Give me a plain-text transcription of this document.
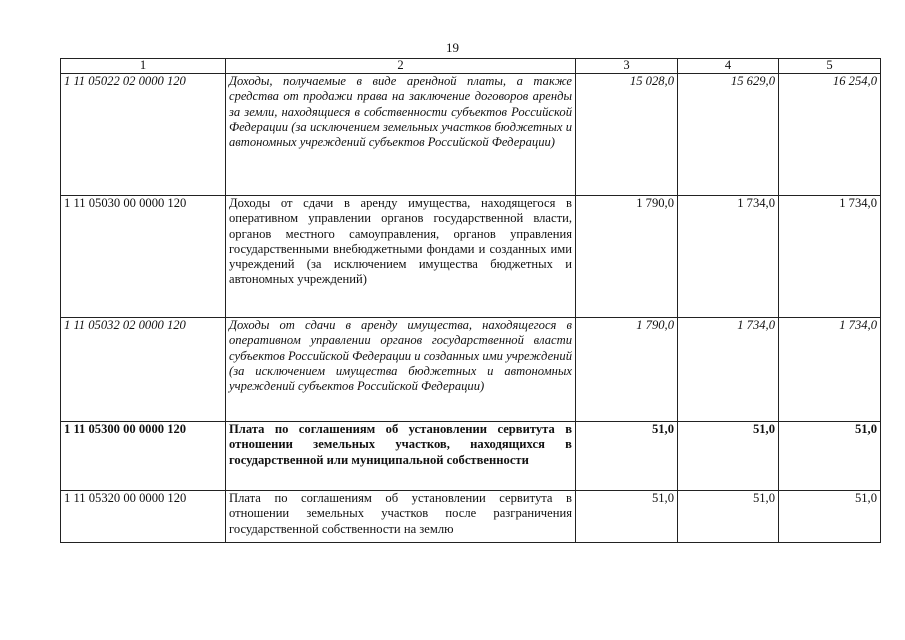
19
1	2	3	4	5
1 11 05022 02 0000 120	Доходы, получаемые в виде арендной платы, а также средства от продажи права на заключение договоров аренды за земли, находящиеся в собственности субъектов Российской Федерации (за исключением земельных участков бюджетных и автономных учреждений субъектов Российской Федерации)	15 028,0	15 629,0	16 254,0
1 11 05030 00 0000 120	Доходы от сдачи в аренду имущества, находящегося в оперативном управлении органов государственной власти, органов местного самоуправления, органов управления государственными внебюджетными фондами и созданных ими учреждений (за исключением имущества бюджетных и автономных учреждений)	1 790,0	1 734,0	1 734,0
1 11 05032 02 0000 120	Доходы от сдачи в аренду имущества, находящегося в оперативном управлении органов государственной власти субъектов Российской Федерации и созданных ими учреждений (за исключением имущества бюджетных и автономных учреждений субъектов Российской Федерации)	1 790,0	1 734,0	1 734,0
1 11 05300 00 0000 120	Плата по соглашениям об установлении сервитута в отношении земельных участков, находящихся в государственной или муниципальной собственности	51,0	51,0	51,0
1 11 05320 00 0000 120	Плата по соглашениям об установлении сервитута в отношении земельных участков после разграничения государственной собственности на землю	51,0	51,0	51,0
